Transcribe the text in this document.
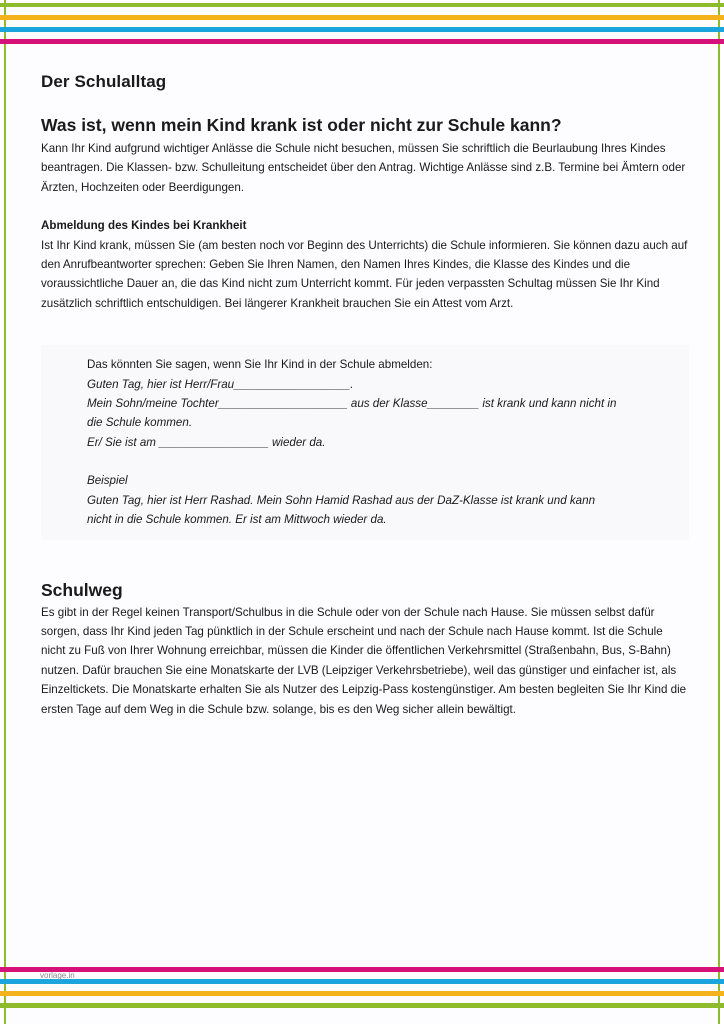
Der Schulalltag
Was ist, wenn mein Kind krank ist oder nicht zur Schule kann?

Kann Ihr Kind aufgrund wichtiger Anlässe die Schule nicht besuchen, müssen Sie schriftlich die Beurlaubung Ihres Kindes beantragen. Die Klassen- bzw. Schulleitung entscheidet über den Antrag. Wichtige Anlässe sind z.B. Termine bei Ämtern oder Ärzten, Hochzeiten oder Beerdigungen.

Abmeldung des Kindes bei Krankheit

Ist Ihr Kind krank, müssen Sie (am besten noch vor Beginn des Unterrichts) die Schule informieren. Sie können dazu auch auf den Anrufbeantworter sprechen: Geben Sie Ihren Namen, den Namen Ihres Kindes, die Klasse des Kindes und die voraussichtliche Dauer an, die das Kind nicht zum Unterricht kommt. Für jeden verpassten Schultag müssen Sie Ihr Kind zusätzlich schriftlich entschuldigen. Bei längerer Krankheit brauchen Sie ein Attest vom Arzt.

Das könnten Sie sagen, wenn Sie Ihr Kind in der Schule abmelden:
Guten Tag, hier ist Herr/Frau__________________.
Mein Sohn/meine Tochter____________________ aus der Klasse________ ist krank und kann nicht in
die Schule kommen.
Er/ Sie ist am _________________ wieder da.
Beispiel
Guten Tag, hier ist Herr Rashad. Mein Sohn Hamid Rashad aus der DaZ-Klasse ist krank und kann
nicht in die Schule kommen. Er ist am Mittwoch wieder da.
Schulweg

Es gibt in der Regel keinen Transport/Schulbus in die Schule oder von der Schule nach Hause. Sie müssen selbst dafür sorgen, dass Ihr Kind jeden Tag pünktlich in der Schule erscheint und nach der Schule nach Hause kommt. Ist die Schule nicht zu Fuß von Ihrer Wohnung erreichbar, müssen die Kinder die öffentlichen Verkehrsmittel (Straßenbahn, Bus, S-Bahn) nutzen. Dafür brauchen Sie eine Monatskarte der LVB (Leipziger Verkehrsbetriebe), weil das günstiger und einfacher ist, als Einzeltickets. Die Monatskarte erhalten Sie als Nutzer des Leipzig-Pass kostengünstiger. Am besten begleiten Sie Ihr Kind die ersten Tage auf dem Weg in die Schule bzw. solange, bis es den Weg sicher allein bewältigt.

vorlage.in
